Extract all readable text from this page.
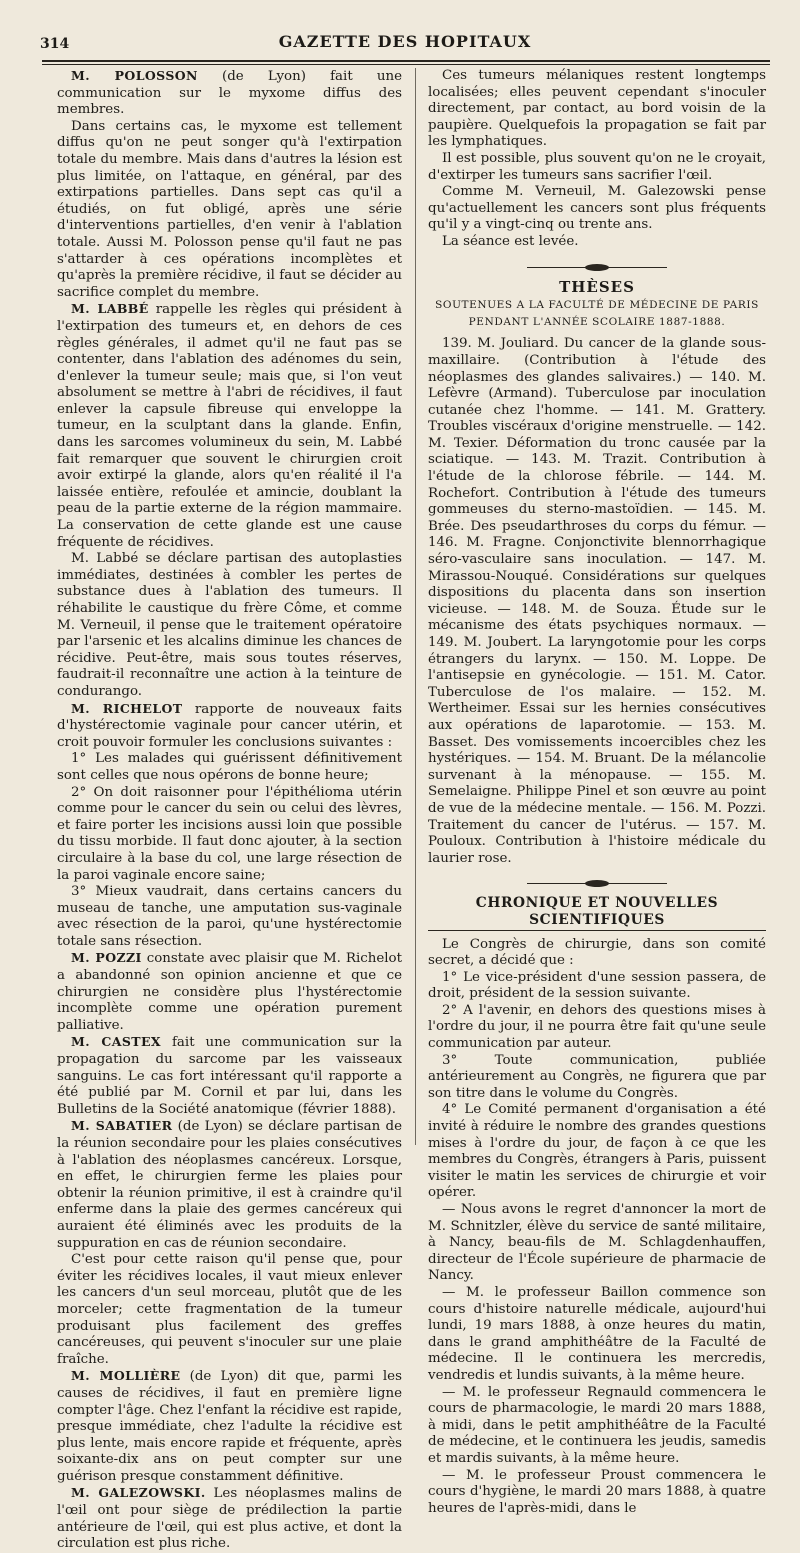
314	GAZETTE DES HOPITAUX

M. POLOSSON (de Lyon) fait une communication sur le myxome diffus des membres.

Dans certains cas, le myxome est tellement diffus qu'on ne peut songer qu'à l'extirpation totale du membre. Mais dans d'autres la lésion est plus limitée, on l'attaque, en général, par des extirpations partielles. Dans sept cas qu'il a étudiés, on fut obligé, après une série d'interventions partielles, d'en venir à l'ablation totale. Aussi M. Polosson pense qu'il faut ne pas s'attarder à ces opérations incomplètes et qu'après la première récidive, il faut se décider au sacrifice complet du membre.

M. LABBÉ rappelle les règles qui président à l'extirpation des tumeurs et, en dehors de ces règles générales, il admet qu'il ne faut pas se contenter, dans l'ablation des adénomes du sein, d'enlever la tumeur seule; mais que, si l'on veut absolument se mettre à l'abri de récidives, il faut enlever la capsule fibreuse qui enveloppe la tumeur, en la sculptant dans la glande. Enfin, dans les sarcomes volumineux du sein, M. Labbé fait remarquer que souvent le chirurgien croit avoir extirpé la glande, alors qu'en réalité il l'a laissée entière, refoulée et amincie, doublant la peau de la partie externe de la région mammaire. La conservation de cette glande est une cause fréquente de récidives.

M. Labbé se déclare partisan des autoplasties immédiates, destinées à combler les pertes de substance dues à l'ablation des tumeurs. Il réhabilite le caustique du frère Côme, et comme M. Verneuil, il pense que le traitement opératoire par l'arsenic et les alcalins diminue les chances de récidive. Peut-être, mais sous toutes réserves, faudrait-il reconnaître une action à la teinture de condurango.

M. RICHELOT rapporte de nouveaux faits d'hystérectomie vaginale pour cancer utérin, et croit pouvoir formuler les conclusions suivantes :

1° Les malades qui guérissent définitivement sont celles que nous opérons de bonne heure;

2° On doit raisonner pour l'épithélioma utérin comme pour le cancer du sein ou celui des lèvres, et faire porter les incisions aussi loin que possible du tissu morbide. Il faut donc ajouter, à la section circulaire à la base du col, une large résection de la paroi vaginale encore saine;

3° Mieux vaudrait, dans certains cancers du museau de tanche, une amputation sus-vaginale avec résection de la paroi, qu'une hystérectomie totale sans résection.

M. POZZI constate avec plaisir que M. Richelot a abandonné son opinion ancienne et que ce chirurgien ne considère plus l'hystérectomie incomplète comme une opération purement palliative.

M. CASTEX fait une communication sur la propagation du sarcome par les vaisseaux sanguins. Le cas fort intéressant qu'il rapporte a été publié par M. Cornil et par lui, dans les Bulletins de la Société anatomique (février 1888).

M. SABATIER (de Lyon) se déclare partisan de la réunion secondaire pour les plaies consécutives à l'ablation des néoplasmes cancéreux. Lorsque, en effet, le chirurgien ferme les plaies pour obtenir la réunion primitive, il est à craindre qu'il enferme dans la plaie des germes cancéreux qui auraient été éliminés avec les produits de la suppuration en cas de réunion secondaire.

C'est pour cette raison qu'il pense que, pour éviter les récidives locales, il vaut mieux enlever les cancers d'un seul morceau, plutôt que de les morceler; cette fragmentation de la tumeur produisant plus facilement des greffes cancéreuses, qui peuvent s'inoculer sur une plaie fraîche.

M. MOLLIÈRE (de Lyon) dit que, parmi les causes de récidives, il faut en première ligne compter l'âge. Chez l'enfant la récidive est rapide, presque immédiate, chez l'adulte la récidive est plus lente, mais encore rapide et fréquente, après soixante-dix ans on peut compter sur une guérison presque constamment définitive.

M. GALEZOWSKI. Les néoplasmes malins de l'œil ont pour siège de prédilection la partie antérieure de l'œil, qui est plus active, et dont la circulation est plus riche.

Ces tumeurs mélaniques restent longtemps localisées; elles peuvent cependant s'inoculer directement, par contact, au bord voisin de la paupière. Quelquefois la propagation se fait par les lymphatiques.

Il est possible, plus souvent qu'on ne le croyait, d'extirper les tumeurs sans sacrifier l'œil.

Comme M. Verneuil, M. Galezowski pense qu'actuellement les cancers sont plus fréquents qu'il y a vingt-cinq ou trente ans.

La séance est levée.

THÈSES
SOUTENUES A LA FACULTÉ DE MÉDECINE DE PARIS
PENDANT L'ANNÉE SCOLAIRE 1887-1888.

139. M. Jouliard. Du cancer de la glande sous-maxillaire. (Contribution à l'étude des néoplasmes des glandes salivaires.) — 140. M. Lefèvre (Armand). Tuberculose par inoculation cutanée chez l'homme. — 141. M. Grattery. Troubles viscéraux d'origine menstruelle. — 142. M. Texier. Déformation du tronc causée par la sciatique. — 143. M. Trazit. Contribution à l'étude de la chlorose fébrile. — 144. M. Rochefort. Contribution à l'étude des tumeurs gommeuses du sterno-mastoïdien. — 145. M. Brée. Des pseudarthroses du corps du fémur. — 146. M. Fragne. Conjonctivite blennorrhagique séro-vasculaire sans inoculation. — 147. M. Mirassou-Nouqué. Considérations sur quelques dispositions du placenta dans son insertion vicieuse. — 148. M. de Souza. Étude sur le mécanisme des états psychiques normaux. — 149. M. Joubert. La laryngotomie pour les corps étrangers du larynx. — 150. M. Loppe. De l'antisepsie en gynécologie. — 151. M. Cator. Tuberculose de l'os malaire. — 152. M. Wertheimer. Essai sur les hernies consécutives aux opérations de laparotomie. — 153. M. Basset. Des vomissements incoercibles chez les hystériques. — 154. M. Bruant. De la mélancolie survenant à la ménopause. — 155. M. Semelaigne. Philippe Pinel et son œuvre au point de vue de la médecine mentale. — 156. M. Pozzi. Traitement du cancer de l'utérus. — 157. M. Pouloux. Contribution à l'histoire médicale du laurier rose.

CHRONIQUE ET NOUVELLES SCIENTIFIQUES

Le Congrès de chirurgie, dans son comité secret, a décidé que :

1° Le vice-président d'une session passera, de droit, président de la session suivante.

2° A l'avenir, en dehors des questions mises à l'ordre du jour, il ne pourra être fait qu'une seule communication par auteur.

3° Toute communication, publiée antérieurement au Congrès, ne figurera que par son titre dans le volume du Congrès.

4° Le Comité permanent d'organisation a été invité à réduire le nombre des grandes questions mises à l'ordre du jour, de façon à ce que les membres du Congrès, étrangers à Paris, puissent visiter le matin les services de chirurgie et voir opérer.

— Nous avons le regret d'annoncer la mort de M. Schnitzler, élève du service de santé militaire, à Nancy, beau-fils de M. Schlagdenhauffen, directeur de l'École supérieure de pharmacie de Nancy.

— M. le professeur Baillon commence son cours d'histoire naturelle médicale, aujourd'hui lundi, 19 mars 1888, à onze heures du matin, dans le grand amphithéâtre de la Faculté de médecine. Il le continuera les mercredis, vendredis et lundis suivants, à la même heure.

— M. le professeur Regnauld commencera le cours de pharmacologie, le mardi 20 mars 1888, à midi, dans le petit amphithéâtre de la Faculté de médecine, et le continuera les jeudis, samedis et mardis suivants, à la même heure.

— M. le professeur Proust commencera le cours d'hygiène, le mardi 20 mars 1888, à quatre heures de l'après-midi, dans le
